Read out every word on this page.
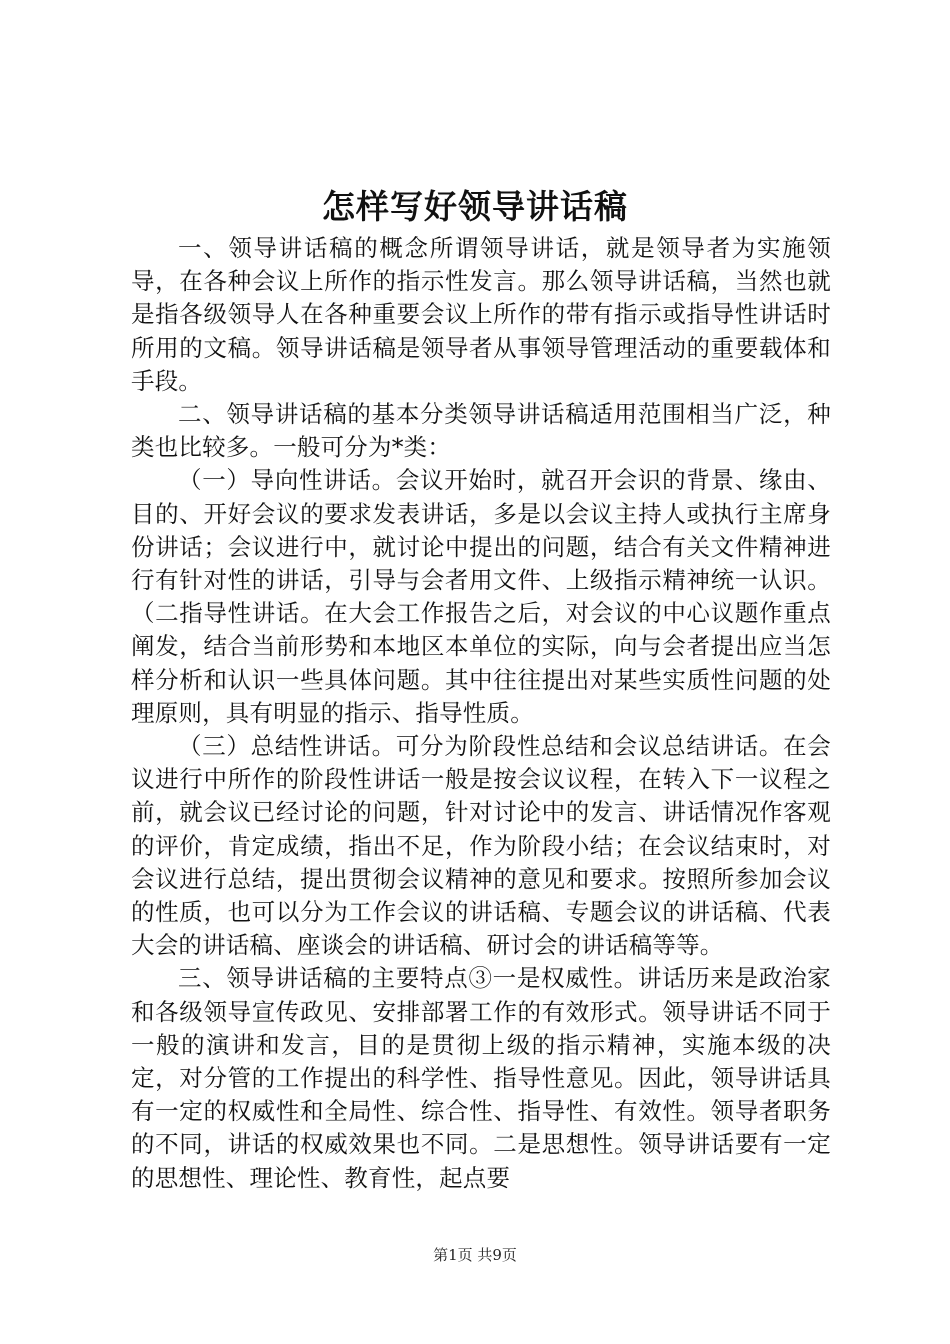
怎样写好领导讲话稿

一、领导讲话稿的概念所谓领导讲话，就是领导者为实施领导，在各种会议上所作的指示性发言。那么领导讲话稿，当然也就是指各级领导人在各种重要会议上所作的带有指示或指导性讲话时所用的文稿。领导讲话稿是领导者从事领导管理活动的重要载体和手段。

二、领导讲话稿的基本分类领导讲话稿适用范围相当广泛，种类也比较多。一般可分为*类：

（一）导向性讲话。会议开始时，就召开会识的背景、缘由、目的、开好会议的要求发表讲话，多是以会议主持人或执行主席身份讲话；会议进行中，就讨论中提出的问题，结合有关文件精神进行有针对性的讲话，引导与会者用文件、上级指示精神统一认识。（二指导性讲话。在大会工作报告之后，对会议的中心议题作重点阐发，结合当前形势和本地区本单位的实际，向与会者提出应当怎样分析和认识一些具体问题。其中往往提出对某些实质性问题的处理原则，具有明显的指示、指导性质。

（三）总结性讲话。可分为阶段性总结和会议总结讲话。在会议进行中所作的阶段性讲话一般是按会议议程，在转入下一议程之前，就会议已经讨论的问题，针对讨论中的发言、讲话情况作客观的评价，肯定成绩，指出不足，作为阶段小结；在会议结束时，对会议进行总结，提出贯彻会议精神的意见和要求。按照所参加会议的性质，也可以分为工作会议的讲话稿、专题会议的讲话稿、代表大会的讲话稿、座谈会的讲话稿、研讨会的讲话稿等等。

三、领导讲话稿的主要特点③一是权威性。讲话历来是政治家和各级领导宣传政见、安排部署工作的有效形式。领导讲话不同于一般的演讲和发言，目的是贯彻上级的指示精神，实施本级的决定，对分管的工作提出的科学性、指导性意见。因此，领导讲话具有一定的权威性和全局性、综合性、指导性、有效性。领导者职务的不同，讲话的权威效果也不同。二是思想性。领导讲话要有一定的思想性、理论性、教育性，起点要

第1页 共9页
